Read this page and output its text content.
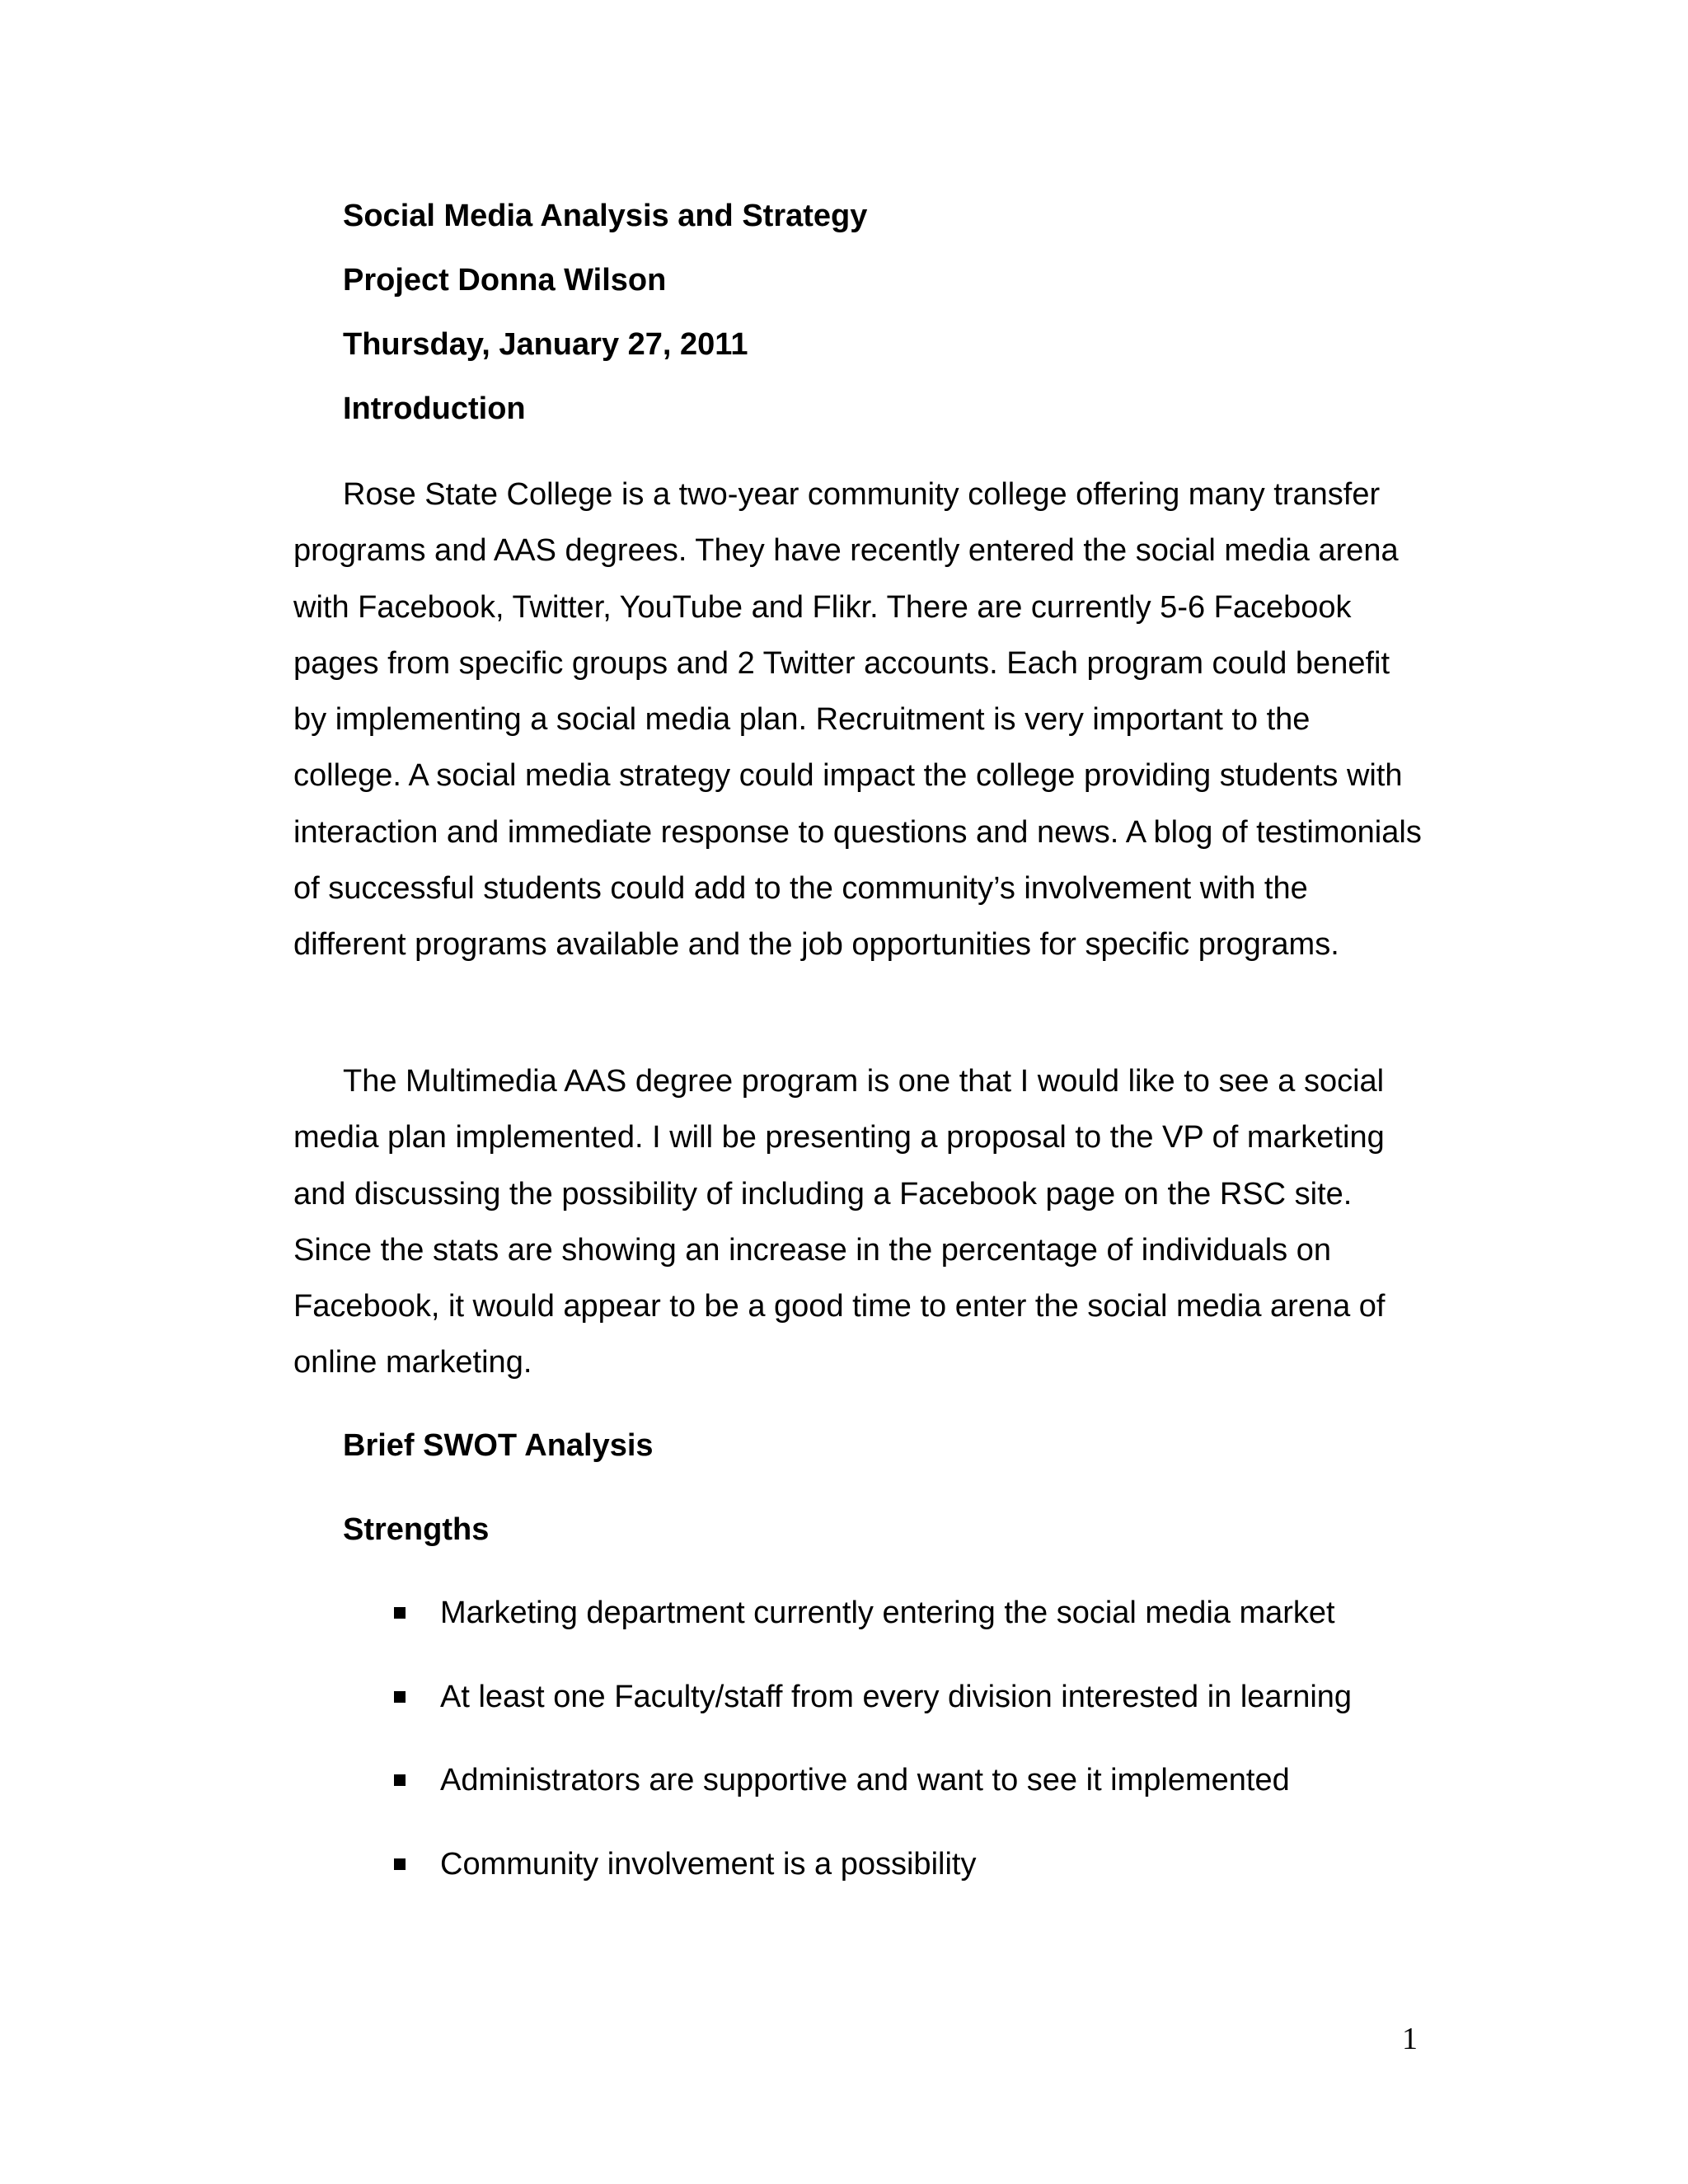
Social Media Analysis and Strategy
Project Donna Wilson
Thursday, January 27, 2011
Introduction

Rose State College is a two-year community college offering many transfer programs and AAS degrees. They have recently entered the social media arena with Facebook, Twitter, YouTube and Flikr. There are currently 5-6 Facebook pages from specific groups and 2 Twitter accounts. Each program could benefit by implementing a social media plan. Recruitment is very important to the college. A social media strategy could impact the college providing students with interaction and immediate response to questions and news. A blog of testimonials of successful students could add to the community’s involvement with the different programs available and the job opportunities for specific programs.

The Multimedia AAS degree program is one that I would like to see a social media plan implemented. I will be presenting a proposal to the VP of marketing and discussing the possibility of including a Facebook page on the RSC site. Since the stats are showing an increase in the percentage of individuals on Facebook, it would appear to be a good time to enter the social media arena of online marketing.

Brief SWOT Analysis
Strengths
Marketing department currently entering the social media market
At least one Faculty/staff from every division interested in learning
Administrators are supportive and want to see it implemented
Community involvement is a possibility
1
